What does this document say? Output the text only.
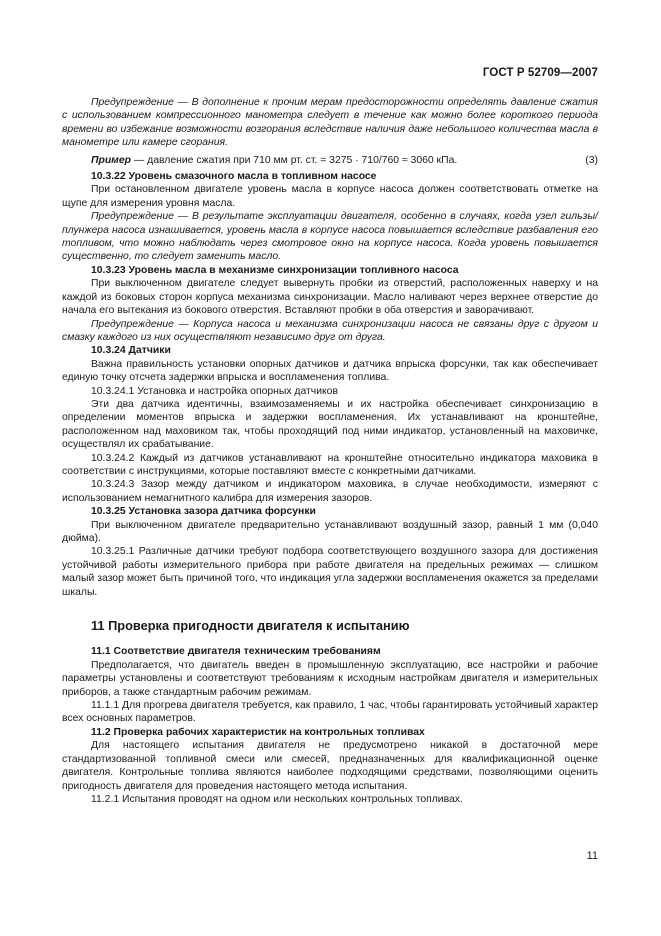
ГОСТ Р 52709—2007

Предупреждение — В дополнение к прочим мерам предосторожности определять давление сжатия с использованием компрессионного манометра следует в течение как можно более короткого периода времени во избежание возможности возгорания вследствие наличия даже небольшого количества масла в манометре или камере сгорания.

Пример — давление сжатия при 710 мм рт. ст. = 3275 · 710/760 ≈ 3060 кПа.	(3)

10.3.22 Уровень смазочного масла в топливном насосе

При остановленном двигателе уровень масла в корпусе насоса должен соответствовать отметке на щупе для измерения уровня масла.

Предупреждение — В результате эксплуатации двигателя, особенно в случаях, когда узел гильзы/плунжера насоса изнашивается, уровень масла в корпусе насоса повышается вследствие разбавления его топливом, что можно наблюдать через смотровое окно на корпусе насоса. Когда уровень повышается существенно, то следует заменить масло.

10.3.23 Уровень масла в механизме синхронизации топливного насоса

При выключенном двигателе следует вывернуть пробки из отверстий, расположенных наверху и на каждой из боковых сторон корпуса механизма синхронизации. Масло наливают через верхнее отверстие до начала его вытекания из бокового отверстия. Вставляют пробки в оба отверстия и заворачивают.

Предупреждение — Корпуса насоса и механизма синхронизации насоса не связаны друг с другом и смазку каждого из них осуществляют независимо друг от друга.

10.3.24 Датчики

Важна правильность установки опорных датчиков и датчика впрыска форсунки, так как обеспечивает единую точку отсчета задержки впрыска и воспламенения топлива.

10.3.24.1 Установка и настройка опорных датчиков

Эти два датчика идентичны, взаимозаменяемы и их настройка обеспечивает синхронизацию в определении моментов впрыска и задержки воспламенения. Их устанавливают на кронштейне, расположенном над маховиком так, чтобы проходящий под ними индикатор, установленный на маховичке, осуществлял их срабатывание.

10.3.24.2 Каждый из датчиков устанавливают на кронштейне относительно индикатора маховика в соответствии с инструкциями, которые поставляют вместе с конкретными датчиками.

10.3.24.3 Зазор между датчиком и индикатором маховика, в случае необходимости, измеряют с использованием немагнитного калибра для измерения зазоров.

10.3.25 Установка зазора датчика форсунки

При выключенном двигателе предварительно устанавливают воздушный зазор, равный 1 мм (0,040 дюйма).

10.3.25.1 Различные датчики требуют подбора соответствующего воздушного зазора для достижения устойчивой работы измерительного прибора при работе двигателя на предельных режимах — слишком малый зазор может быть причиной того, что индикация угла задержки воспламенения окажется за пределами шкалы.

11 Проверка пригодности двигателя к испытанию

11.1 Соответствие двигателя техническим требованиям

Предполагается, что двигатель введен в промышленную эксплуатацию, все настройки и рабочие параметры установлены и соответствуют требованиям к исходным настройкам двигателя и измерительных приборов, а также стандартным рабочим режимам.

11.1.1 Для прогрева двигателя требуется, как правило, 1 час, чтобы гарантировать устойчивый характер всех основных параметров.

11.2 Проверка рабочих характеристик на контрольных топливах

Для настоящего испытания двигателя не предусмотрено никакой в достаточной мере стандартизованной топливной смеси или смесей, предназначенных для квалификационной оценке двигателя. Контрольные топлива являются наиболее подходящими средствами, позволяющими оценить пригодность двигателя для проведения настоящего метода испытания.

11.2.1 Испытания проводят на одном или нескольких контрольных топливах.

11
